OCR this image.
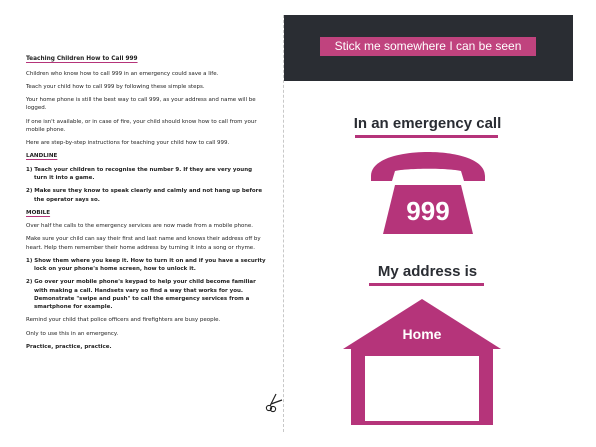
Teaching Children How to Call 999

Children who know how to call 999 in an emergency could save a life.

Teach your child how to call 999 by following these simple steps.

Your home phone is still the best way to call 999, as your address and name will be logged.

If one isn't available, or in case of fire, your child should know how to call from your mobile phone.

Here are step-by-step instructions for teaching your child how to call 999.

LANDLINE

1) Teach your children to recognise the number 9. If they are very young turn it into a game.
2) Make sure they know to speak clearly and calmly and not hang up before the operator says so.

MOBILE

Over half the calls to the emergency services are now made from a mobile phone.

Make sure your child can say their first and last name and knows their address off by heart. Help them remember their home address by turning it into a song or rhyme.

1) Show them where you keep it. How to turn it on and if you have a security lock on your phone's home screen, how to unlock it.
2) Go over your mobile phone's keypad to help your child become familiar with making a call. Handsets vary so find a way that works for you. Demonstrate "swipe and push" to call the emergency services from a smartphone for example.

Remind your child that police officers and firefighters are busy people.

Only to use this in an emergency.

Practice, practice, practice.

Stick me somewhere I can be seen
In an emergency call
999
My address is
Home
